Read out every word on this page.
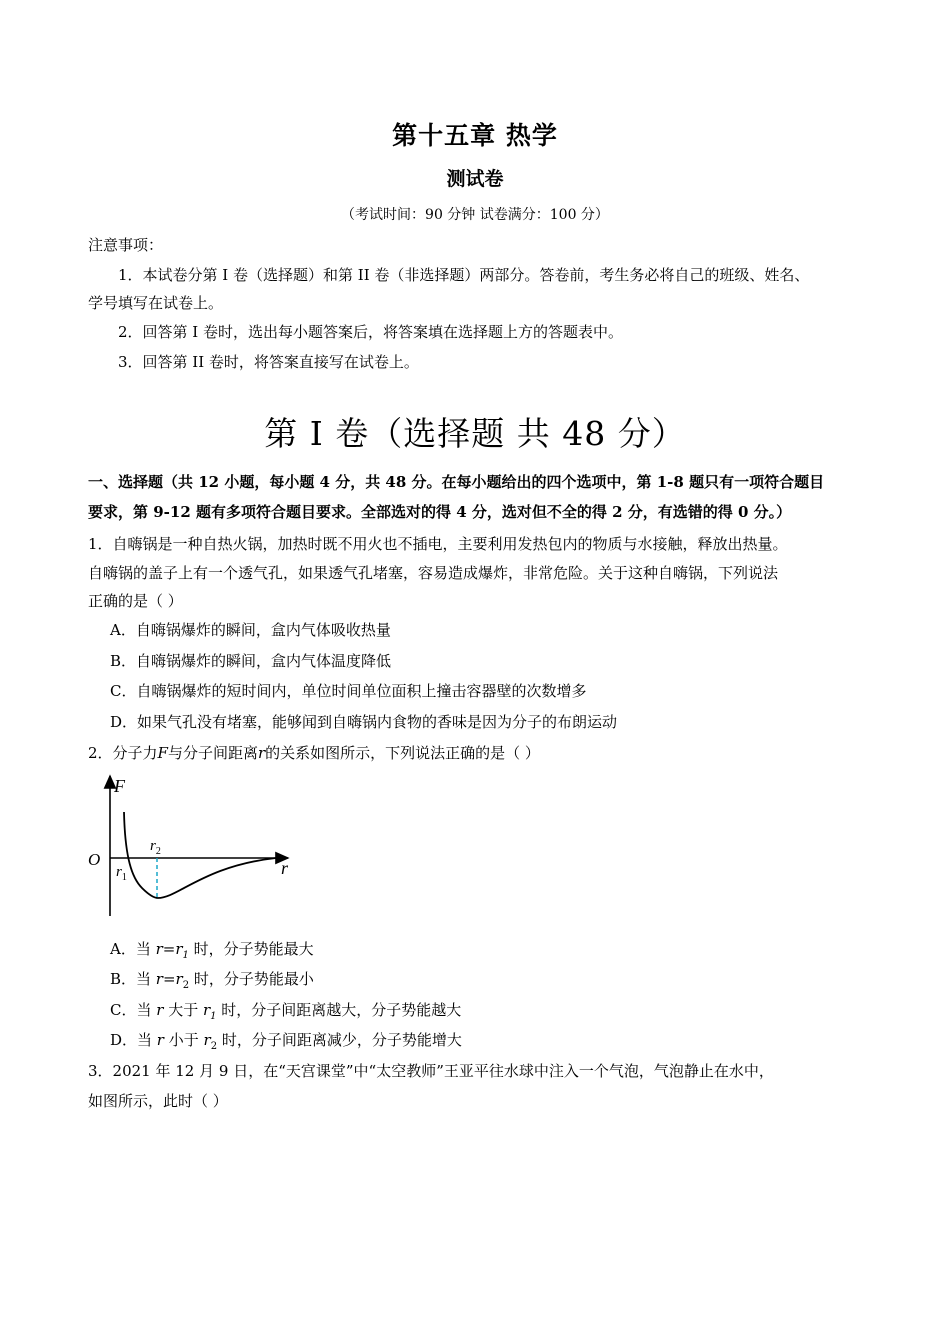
第十五章 热学
测试卷
（考试时间：90 分钟 试卷满分：100 分）
注意事项：
1．本试卷分第 I 卷（选择题）和第 II 卷（非选择题）两部分。答卷前，考生务必将自己的班级、姓名、
学号填写在试卷上。
2．回答第 I 卷时，选出每小题答案后，将答案填在选择题上方的答题表中。
3．回答第 II 卷时，将答案直接写在试卷上。
第 I 卷（选择题 共 48 分）
一、选择题（共 12 小题，每小题 4 分，共 48 分。在每小题给出的四个选项中，第 1-8 题只有一项符合题目
要求，第 9-12 题有多项符合题目要求。全部选对的得 4 分，选对但不全的得 2 分，有选错的得 0 分。）
1．自嗨锅是一种自热火锅，加热时既不用火也不插电，主要利用发热包内的物质与水接触，释放出热量。
自嗨锅的盖子上有一个透气孔，如果透气孔堵塞，容易造成爆炸，非常危险。关于这种自嗨锅，下列说法
正确的是（ ）
A．自嗨锅爆炸的瞬间，盒内气体吸收热量
B．自嗨锅爆炸的瞬间，盒内气体温度降低
C．自嗨锅爆炸的短时间内，单位时间单位面积上撞击容器壁的次数增多
D．如果气孔没有堵塞，能够闻到自嗨锅内食物的香味是因为分子的布朗运动
2．分子力F与分子间距离r的关系如图所示，下列说法正确的是（ ）
F
r
O
$r_1$
$r_2$
A．当 $r=r_1$ 时，分子势能最大
B．当 $r=r_2$ 时，分子势能最小
C．当 r 大于 $r_1$ 时，分子间距离越大，分子势能越大
D．当 r 小于 $r_2$ 时，分子间距离减少，分子势能增大
3．2021 年 12 月 9 日，在“天宫课堂”中“太空教师”王亚平往水球中注入一个气泡，气泡静止在水中，
如图所示，此时（ ）
